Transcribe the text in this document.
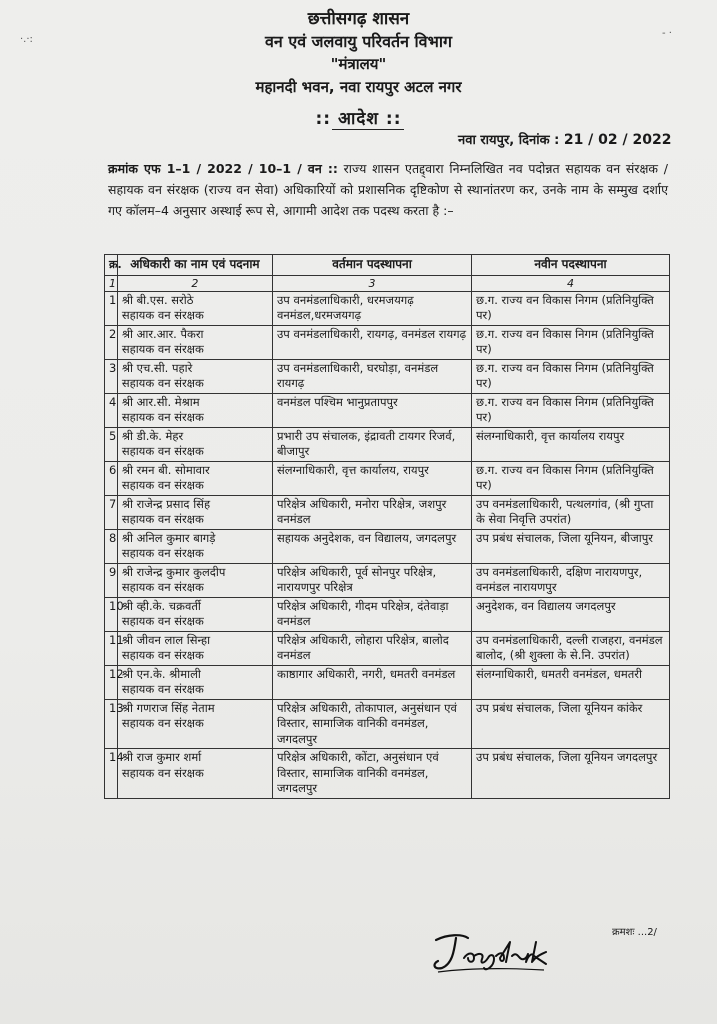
·.·:
- ·
छत्तीसगढ़ शासन
वन एवं जलवायु परिवर्तन विभाग
"मंत्रालय"
महानदी भवन, नवा रायपुर अटल नगर
:: आदेश ::
नवा रायपुर, दिनांक : 21 / 02 / 2022
क्रमांक एफ 1–1 / 2022 / 10–1 / वन :: राज्य शासन एतद्द्वारा निम्नलिखित नव पदोन्नत सहायक वन संरक्षक / सहायक वन संरक्षक (राज्य वन सेवा) अधिकारियों को प्रशासनिक दृष्टिकोण से स्थानांतरण कर, उनके नाम के सम्मुख दर्शाए गए कॉलम–4 अनुसार अस्थाई रूप से, आगामी आदेश तक पदस्थ करता है :–
क्र.	अधिकारी का नाम एवं पदनाम	वर्तमान पदस्थापना	नवीन पदस्थापना
1	2	3	4
1	श्री बी.एस. सरोठे
सहायक वन संरक्षक	उप वनमंडलाधिकारी, धरमजयगढ़ वनमंडल,धरमजयगढ़	छ.ग. राज्य वन विकास निगम (प्रतिनियुक्ति पर)
2	श्री आर.आर. पैकरा
सहायक वन संरक्षक	उप वनमंडलाधिकारी, रायगढ़, वनमंडल रायगढ़	छ.ग. राज्य वन विकास निगम (प्रतिनियुक्ति पर)
3	श्री एच.सी. पहारे
सहायक वन संरक्षक	उप वनमंडलाधिकारी, घरघोड़ा, वनमंडल रायगढ़	छ.ग. राज्य वन विकास निगम (प्रतिनियुक्ति पर)
4	श्री आर.सी. मेश्राम
सहायक वन संरक्षक	वनमंडल पश्चिम भानुप्रतापपुर	छ.ग. राज्य वन विकास निगम (प्रतिनियुक्ति पर)
5	श्री डी.के. मेहर
सहायक वन संरक्षक	प्रभारी उप संचालक, इंद्रावती टायगर रिजर्व, बीजापुर	संलग्नाधिकारी, वृत्त कार्यालय रायपुर
6	श्री रमन बी. सोमावार
सहायक वन संरक्षक	संलग्नाधिकारी, वृत्त कार्यालय, रायपुर	छ.ग. राज्य वन विकास निगम (प्रतिनियुक्ति पर)
7	श्री राजेन्द्र प्रसाद सिंह
सहायक वन संरक्षक	परिक्षेत्र अधिकारी, मनोरा परिक्षेत्र, जशपुर वनमंडल	उप वनमंडलाधिकारी, पत्थलगांव, (श्री गुप्ता के सेवा निवृत्ति उपरांत)
8	श्री अनिल कुमार बागड़े
सहायक वन संरक्षक	सहायक अनुदेशक, वन विद्यालय, जगदलपुर	उप प्रबंध संचालक, जिला यूनियन, बीजापुर
9	श्री राजेन्द्र कुमार कुलदीप
सहायक वन संरक्षक	परिक्षेत्र अधिकारी, पूर्व सोनपुर परिक्षेत्र, नारायणपुर परिक्षेत्र	उप वनमंडलाधिकारी, दक्षिण नारायणपुर, वनमंडल नारायणपुर
10	श्री व्ही.के. चक्रवर्ती
सहायक वन संरक्षक	परिक्षेत्र अधिकारी, गीदम परिक्षेत्र, दंतेवाड़ा वनमंडल	अनुदेशक, वन विद्यालय जगदलपुर
11	श्री जीवन लाल सिन्हा
सहायक वन संरक्षक	परिक्षेत्र अधिकारी, लोहारा परिक्षेत्र, बालोद वनमंडल	उप वनमंडलाधिकारी, दल्ली राजहरा, वनमंडल बालोद, (श्री शुक्ला के से.नि. उपरांत)
12	श्री एन.के. श्रीमाली
सहायक वन संरक्षक	काष्ठागार अधिकारी, नगरी, धमतरी वनमंडल	संलग्नाधिकारी, धमतरी वनमंडल, धमतरी
13	श्री गणराज सिंह नेताम
सहायक वन संरक्षक	परिक्षेत्र अधिकारी, तोकापाल, अनुसंधान एवं विस्तार, सामाजिक वानिकी वनमंडल, जगदलपुर	उप प्रबंध संचालक, जिला यूनियन कांकेर
14	श्री राज कुमार शर्मा
सहायक वन संरक्षक	परिक्षेत्र अधिकारी, कोंटा, अनुसंधान एवं विस्तार, सामाजिक वानिकी वनमंडल, जगदलपुर	उप प्रबंध संचालक, जिला यूनियन जगदलपुर
क्रमशः ...2/
